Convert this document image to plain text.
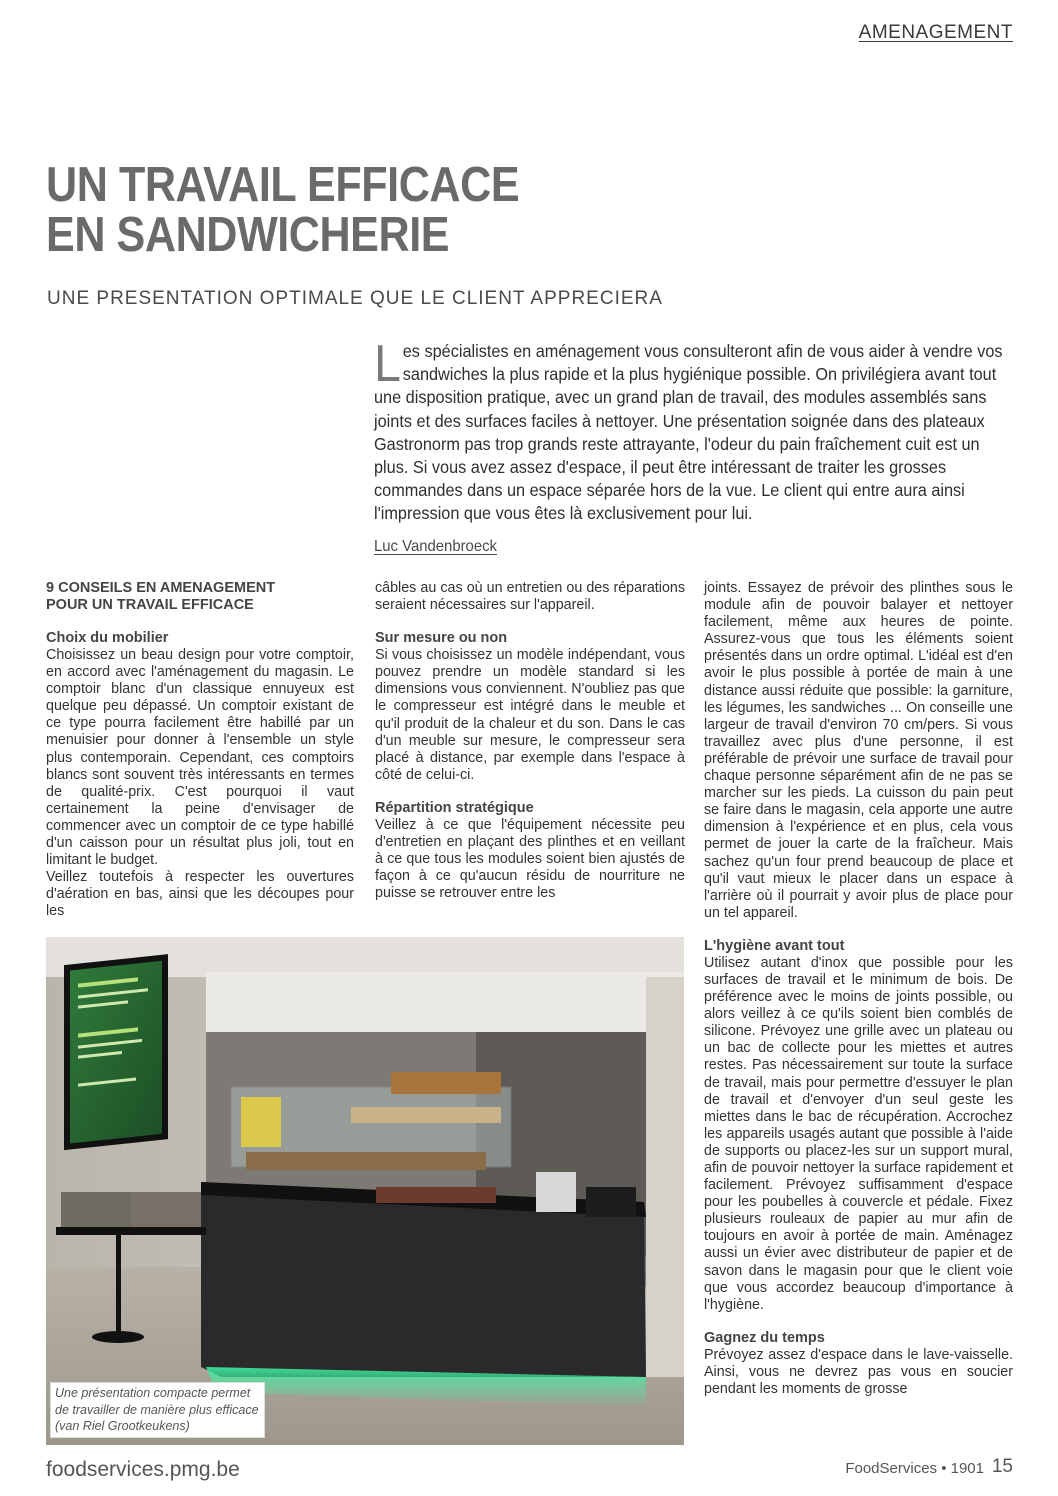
AMENAGEMENT
UN TRAVAIL EFFICACE
EN SANDWICHERIE
UNE PRESENTATION OPTIMALE QUE LE CLIENT APPRECIERA
Les spécialistes en aménagement vous consulteront afin de vous aider à vendre vos sandwiches la plus rapide et la plus hygiénique possible. On privilégiera avant tout une disposition pratique, avec un grand plan de travail, des modules assemblés sans joints et des surfaces faciles à nettoyer. Une présentation soignée dans des plateaux Gastronorm pas trop grands reste attrayante, l'odeur du pain fraîchement cuit est un plus. Si vous avez assez d'espace, il peut être intéressant de traiter les grosses commandes dans un espace séparée hors de la vue. Le client qui entre aura ainsi l'impression que vous êtes là exclusivement pour lui.
Luc Vandenbroeck
9 CONSEILS EN AMENAGEMENT POUR UN TRAVAIL EFFICACE
Choix du mobilier

Choisissez un beau design pour votre comptoir, en accord avec l'aménagement du magasin. Le comptoir blanc d'un classique ennuyeux est quelque peu dépassé. Un comptoir existant de ce type pourra facilement être habillé par un menuisier pour donner à l'ensemble un style plus contemporain. Cependant, ces comptoirs blancs sont souvent très intéressants en termes de qualité-prix. C'est pourquoi il vaut certainement la peine d'envisager de commencer avec un comptoir de ce type habillé d'un caisson pour un résultat plus joli, tout en limitant le budget.

Veillez toutefois à respecter les ouvertures d'aération en bas, ainsi que les découpes pour les

câbles au cas où un entretien ou des réparations seraient nécessaires sur l'appareil.

Sur mesure ou non

Si vous choisissez un modèle indépendant, vous pouvez prendre un modèle standard si les dimensions vous conviennent. N'oubliez pas que le compresseur est intégré dans le meuble et qu'il produit de la chaleur et du son. Dans le cas d'un meuble sur mesure, le compresseur sera placé à distance, par exemple dans l'espace à côté de celui-ci.

Répartition stratégique

Veillez à ce que l'équipement nécessite peu d'entretien en plaçant des plinthes et en veillant à ce que tous les modules soient bien ajustés de façon à ce qu'aucun résidu de nourriture ne puisse se retrouver entre les

joints. Essayez de prévoir des plinthes sous le module afin de pouvoir balayer et nettoyer facilement, même aux heures de pointe. Assurez-vous que tous les éléments soient présentés dans un ordre optimal. L'idéal est d'en avoir le plus possible à portée de main à une distance aussi réduite que possible: la garniture, les légumes, les sandwiches ... On conseille une largeur de travail d'environ 70 cm/pers. Si vous travaillez avec plus d'une personne, il est préférable de prévoir une surface de travail pour chaque personne séparément afin de ne pas se marcher sur les pieds. La cuisson du pain peut se faire dans le magasin, cela apporte une autre dimension à l'expérience et en plus, cela vous permet de jouer la carte de la fraîcheur. Mais sachez qu'un four prend beaucoup de place et qu'il vaut mieux le placer dans un espace à l'arrière où il pourrait y avoir plus de place pour un tel appareil.

L'hygiène avant tout

Utilisez autant d'inox que possible pour les surfaces de travail et le minimum de bois. De préférence avec le moins de joints possible, ou alors veillez à ce qu'ils soient bien comblés de silicone. Prévoyez une grille avec un plateau ou un bac de collecte pour les miettes et autres restes. Pas nécessairement sur toute la surface de travail, mais pour permettre d'essuyer le plan de travail et d'envoyer d'un seul geste les miettes dans le bac de récupération. Accrochez les appareils usagés autant que possible à l'aide de supports ou placez-les sur un support mural, afin de pouvoir nettoyer la surface rapidement et facilement. Prévoyez suffisamment d'espace pour les poubelles à couvercle et pédale. Fixez plusieurs rouleaux de papier au mur afin de toujours en avoir à portée de main. Aménagez aussi un évier avec distributeur de papier et de savon dans le magasin pour que le client voie que vous accordez beaucoup d'importance à l'hygiène.

Gagnez du temps

Prévoyez assez d'espace dans le lave-vaisselle. Ainsi, vous ne devrez pas vous en soucier pendant les moments de grosse

Une présentation compacte permet de travailler de manière plus efficace (van Riel Grootkeukens)
foodservices.pmg.be	FoodServices • 1901 15
